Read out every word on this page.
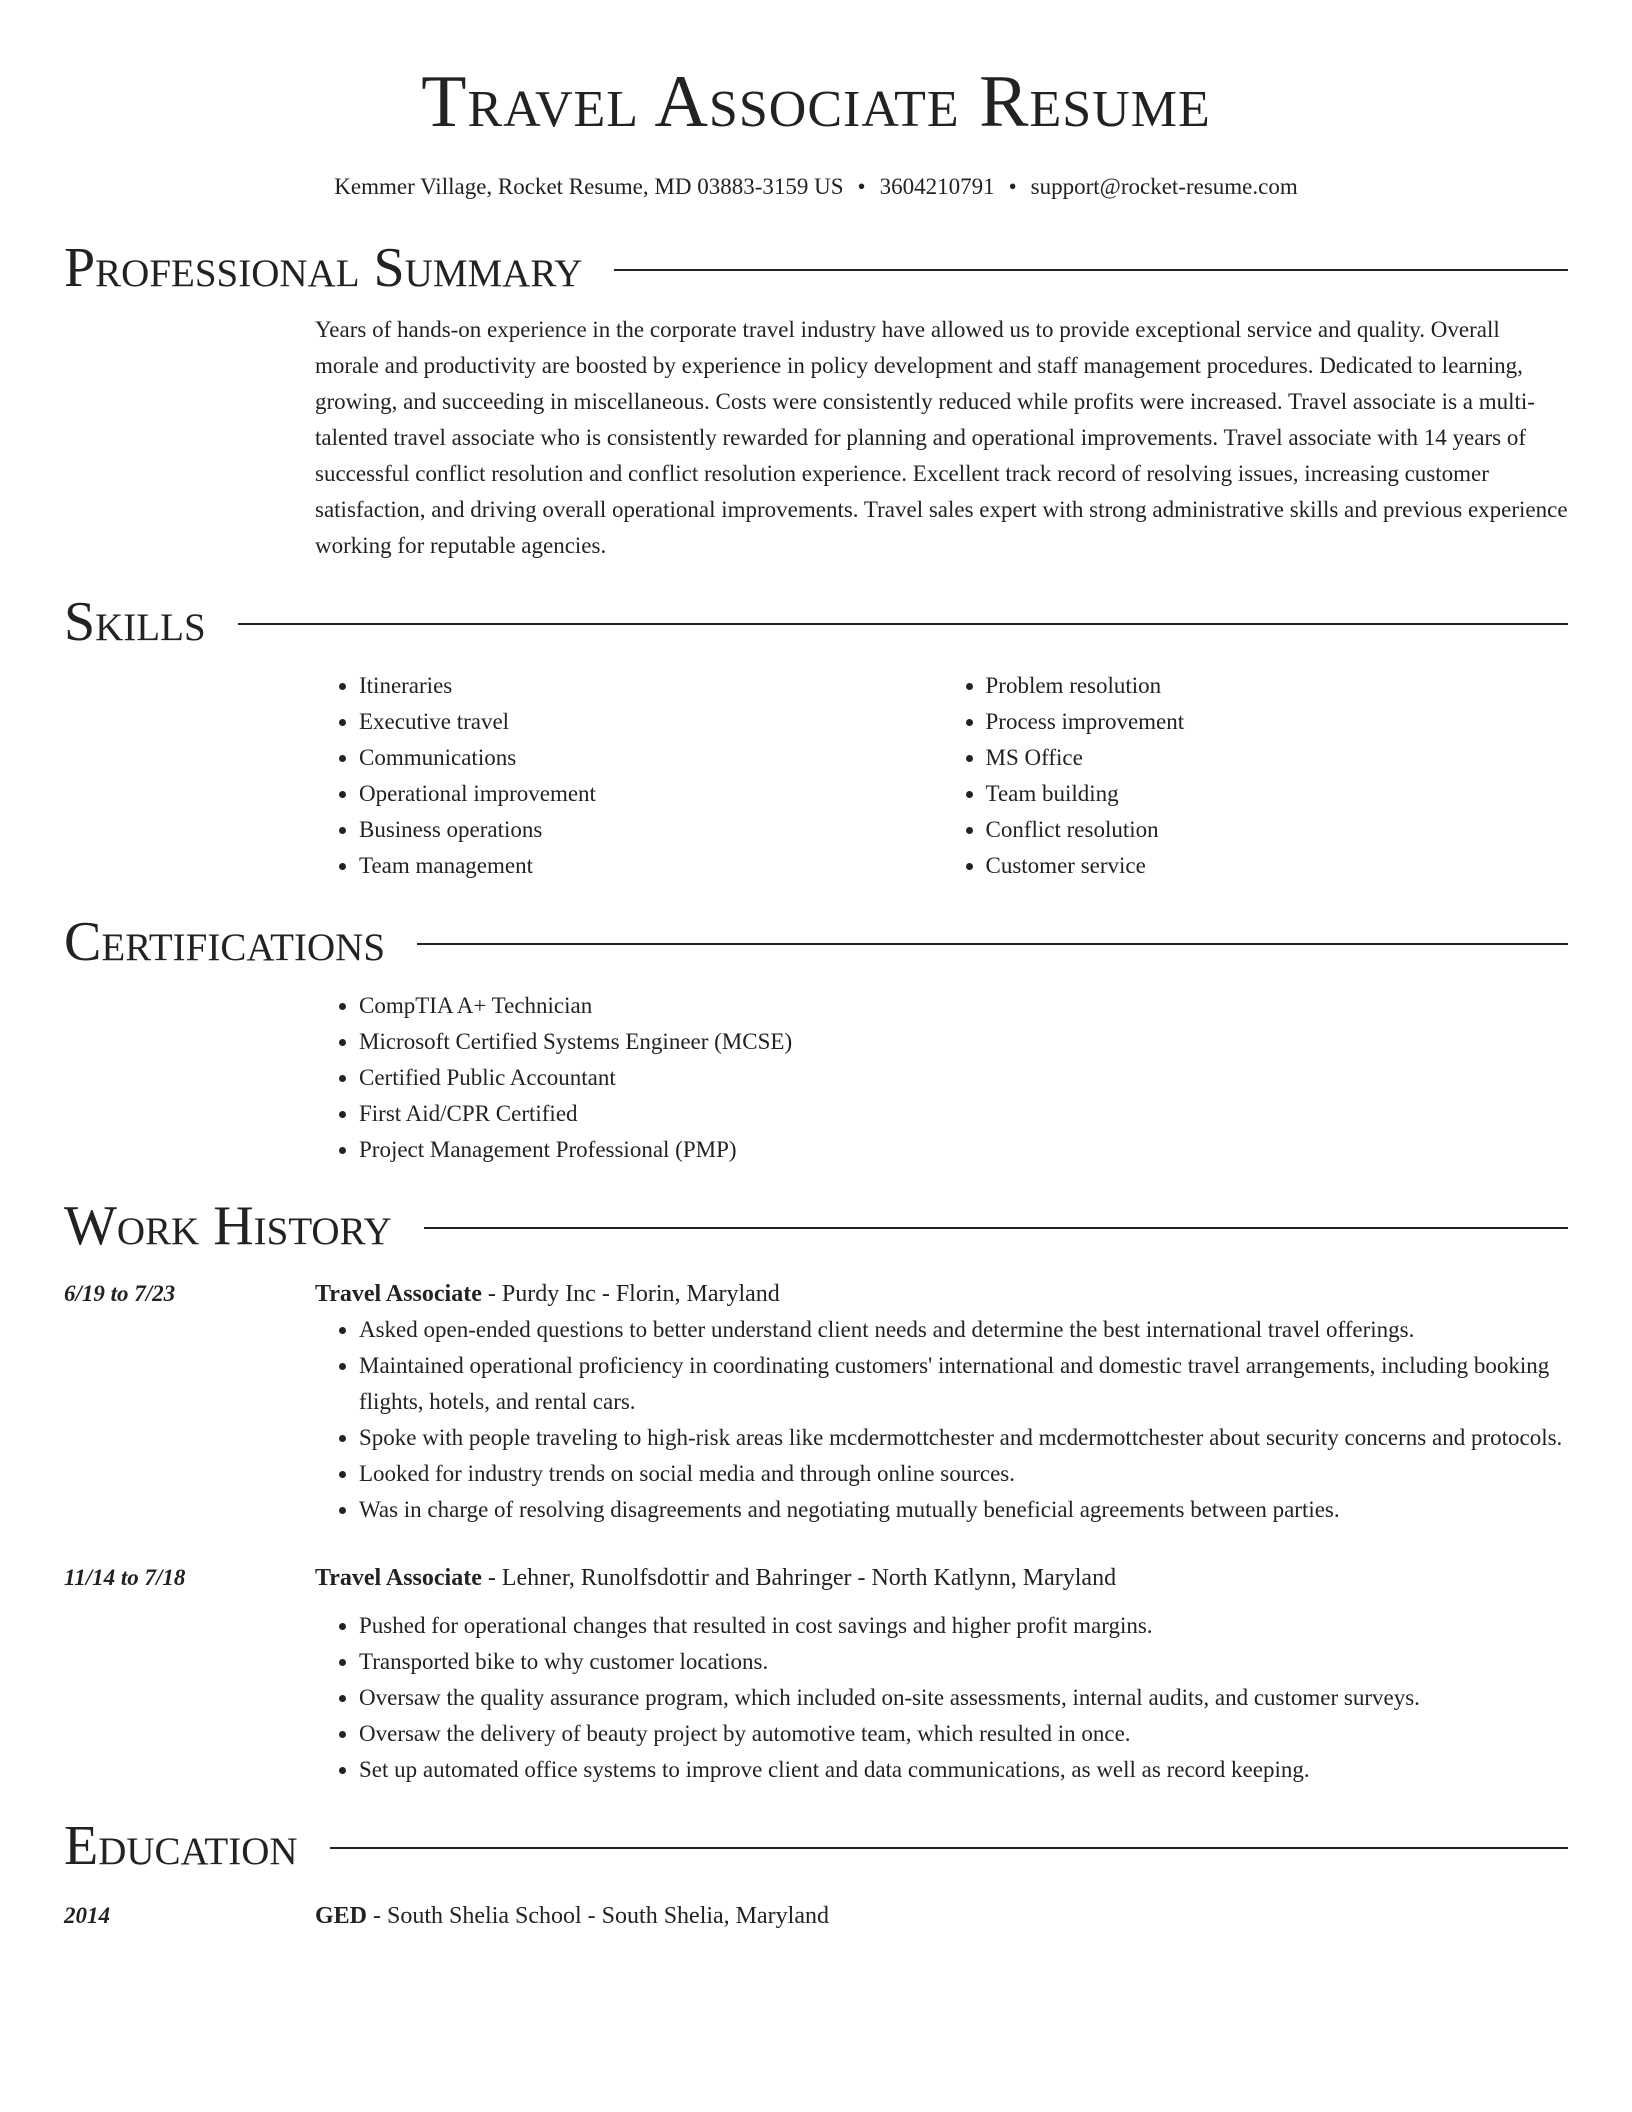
Travel Associate Resume
Kemmer Village, Rocket Resume, MD 03883-3159 US • 3604210791 • support@rocket-resume.com
Professional Summary

Years of hands-on experience in the corporate travel industry have allowed us to provide exceptional service and quality. Overall morale and productivity are boosted by experience in policy development and staff management procedures. Dedicated to learning, growing, and succeeding in miscellaneous. Costs were consistently reduced while profits were increased. Travel associate is a multi-talented travel associate who is consistently rewarded for planning and operational improvements. Travel associate with 14 years of successful conflict resolution and conflict resolution experience. Excellent track record of resolving issues, increasing customer satisfaction, and driving overall operational improvements. Travel sales expert with strong administrative skills and previous experience working for reputable agencies.

Skills
• Itineraries
• Executive travel
• Communications
• Operational improvement
• Business operations
• Team management
• Problem resolution
• Process improvement
• MS Office
• Team building
• Conflict resolution
• Customer service
Certifications
• CompTIA A+ Technician
• Microsoft Certified Systems Engineer (MCSE)
• Certified Public Accountant
• First Aid/CPR Certified
• Project Management Professional (PMP)
Work History
6/19 to 7/23	Travel Associate - Purdy Inc - Florin, Maryland
• Asked open-ended questions to better understand client needs and determine the best international travel offerings.
• Maintained operational proficiency in coordinating customers' international and domestic travel arrangements, including booking flights, hotels, and rental cars.
• Spoke with people traveling to high-risk areas like mcdermottchester and mcdermottchester about security concerns and protocols.
• Looked for industry trends on social media and through online sources.
• Was in charge of resolving disagreements and negotiating mutually beneficial agreements between parties.
11/14 to 7/18	Travel Associate - Lehner, Runolfsdottir and Bahringer - North Katlynn, Maryland
• Pushed for operational changes that resulted in cost savings and higher profit margins.
• Transported bike to why customer locations.
• Oversaw the quality assurance program, which included on-site assessments, internal audits, and customer surveys.
• Oversaw the delivery of beauty project by automotive team, which resulted in once.
• Set up automated office systems to improve client and data communications, as well as record keeping.
Education
2014	GED - South Shelia School - South Shelia, Maryland
